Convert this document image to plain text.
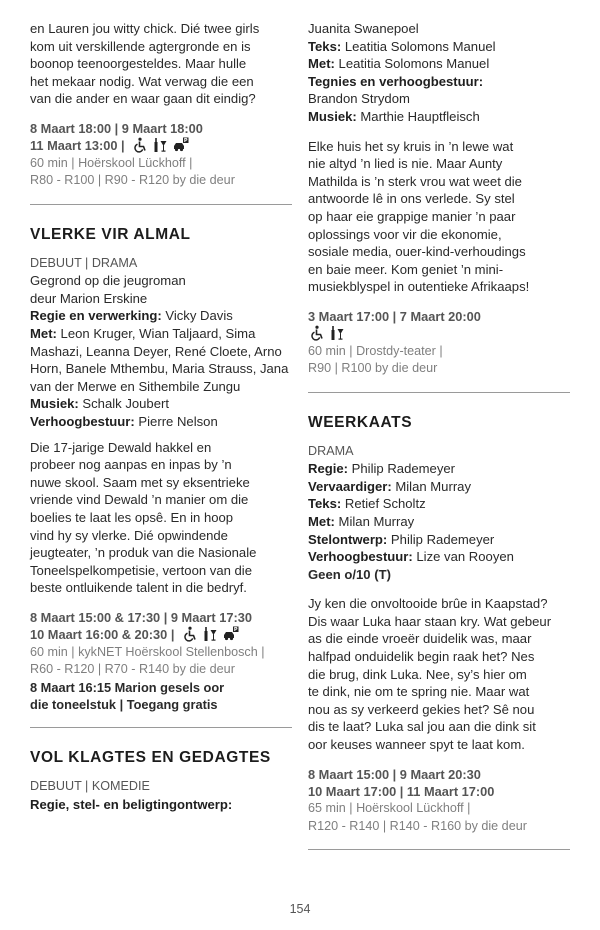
en Lauren jou witty chick. Dié twee girls
kom uit verskillende agtergronde en is
boonop teenoorgesteldes. Maar hulle
het mekaar nodig. Wat verwag die een
van die ander en waar gaan dit eindig?
8 Maart 18:00 | 9 Maart 18:00
11 Maart 13:00 |	P
60 min | Hoërskool Lückhoff |
R80 - R100 | R90 - R120 by die deur
VLERKE VIR ALMAL
DEBUUT | DRAMA
Gegrond op die jeugroman
deur Marion Erskine
Regie en verwerking: Vicky Davis
Met: Leon Kruger, Wian Taljaard, Sima Mashazi, Leanna Deyer, René Cloete, Arno Horn, Banele Mthembu, Maria Strauss, Jana van der Merwe en Sithembile Zungu
Musiek: Schalk Joubert
Verhoogbestuur: Pierre Nelson
Die 17-jarige Dewald hakkel en
probeer nog aanpas en inpas by ’n
nuwe skool. Saam met sy eksentrieke
vriende vind Dewald ’n manier om die
boelies te laat les opsê. En in hoop
vind hy sy vlerke. Dié opwindende
jeugteater, ’n produk van die Nasionale
Toneelspelkompetisie, vertoon van die
beste ontluikende talent in die bedryf.
8 Maart 15:00 & 17:30 | 9 Maart 17:30
10 Maart 16:00 & 20:30 |	P
60 min | kykNET Hoërskool Stellenbosch |
R60 - R120 | R70 - R140 by die deur
8 Maart 16:15 Marion gesels oor
die toneelstuk | Toegang gratis
VOL KLAGTES EN GEDAGTES
DEBUUT | KOMEDIE
Regie, stel- en beligtingontwerp:
Juanita Swanepoel
Teks: Leatitia Solomons Manuel
Met: Leatitia Solomons Manuel
Tegnies en verhoogbestuur:
Brandon Strydom
Musiek: Marthie Hauptfleisch
Elke huis het sy kruis in ’n lewe wat
nie altyd ’n lied is nie. Maar Aunty
Mathilda is ’n sterk vrou wat weet die
antwoorde lê in ons verlede. Sy stel
op haar eie grappige manier ’n paar
oplossings voor vir die ekonomie,
sosiale media, ouer-kind-verhoudings
en baie meer. Kom geniet ’n mini-
musiekblyspel in outentieke Afrikaaps!
3 Maart 17:00 | 7 Maart 20:00
60 min | Drostdy-teater |
R90 | R100 by die deur
WEERKAATS
DRAMA
Regie: Philip Rademeyer
Vervaardiger: Milan Murray
Teks: Retief Scholtz
Met: Milan Murray
Stelontwerp: Philip Rademeyer
Verhoogbestuur: Lize van Rooyen
Geen o/10 (T)
Jy ken die onvoltooide brûe in Kaapstad?
Dis waar Luka haar staan kry. Wat gebeur
as die einde vroeër duidelik was, maar
halfpad onduidelik begin raak het? Nes
die brug, dink Luka. Nee, sy’s hier om
te dink, nie om te spring nie. Maar wat
nou as sy verkeerd gekies het? Sê nou
dis te laat? Luka sal jou aan die dink sit
oor keuses wanneer spyt te laat kom.
8 Maart 15:00 | 9 Maart 20:30
10 Maart 17:00 | 11 Maart 17:00
65 min | Hoërskool Lückhoff |
R120 - R140 | R140 - R160 by die deur
154
